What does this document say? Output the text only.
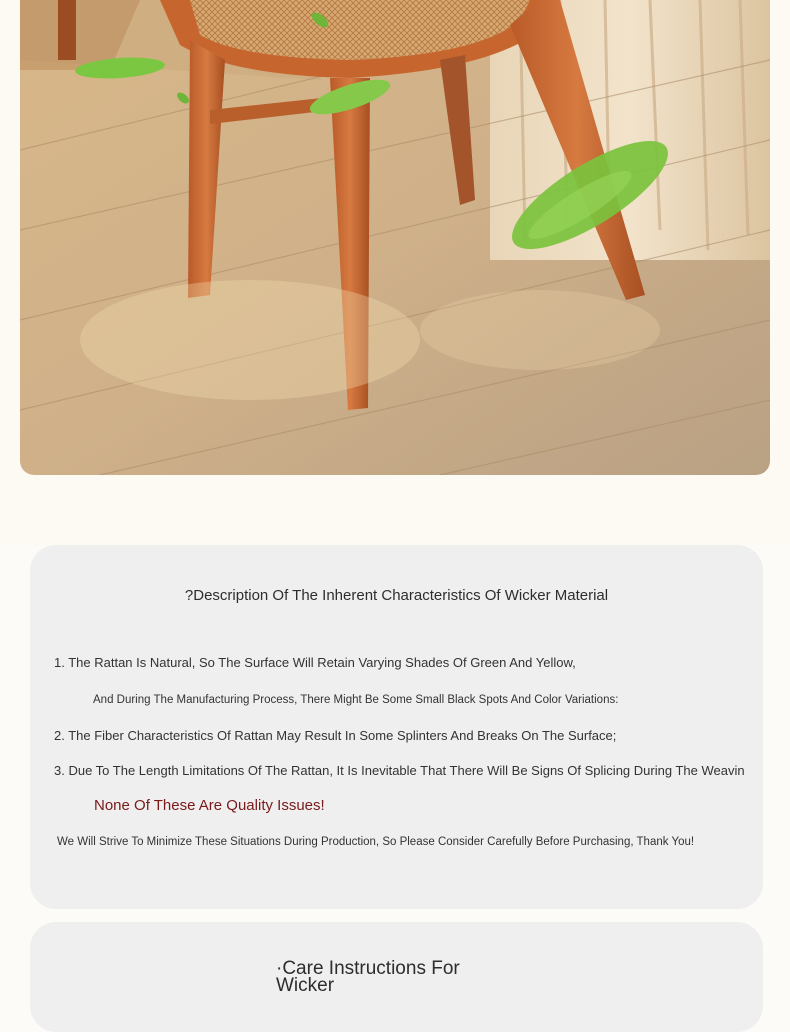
?Description Of The Inherent Characteristics Of Wicker Material
1. The Rattan Is Natural, So The Surface Will Retain Varying Shades Of Green And Yellow,
And During The Manufacturing Process, There Might Be Some Small Black Spots And Color Variations:
2. The Fiber Characteristics Of Rattan May Result In Some Splinters And Breaks On The Surface;
3. Due To The Length Limitations Of The Rattan, It Is Inevitable That There Will Be Signs Of Splicing During The Weavin
None Of These Are Quality Issues!
We Will Strive To Minimize These Situations During Production, So Please Consider Carefully Before Purchasing, Thank You!
·Care Instructions For Wicker
